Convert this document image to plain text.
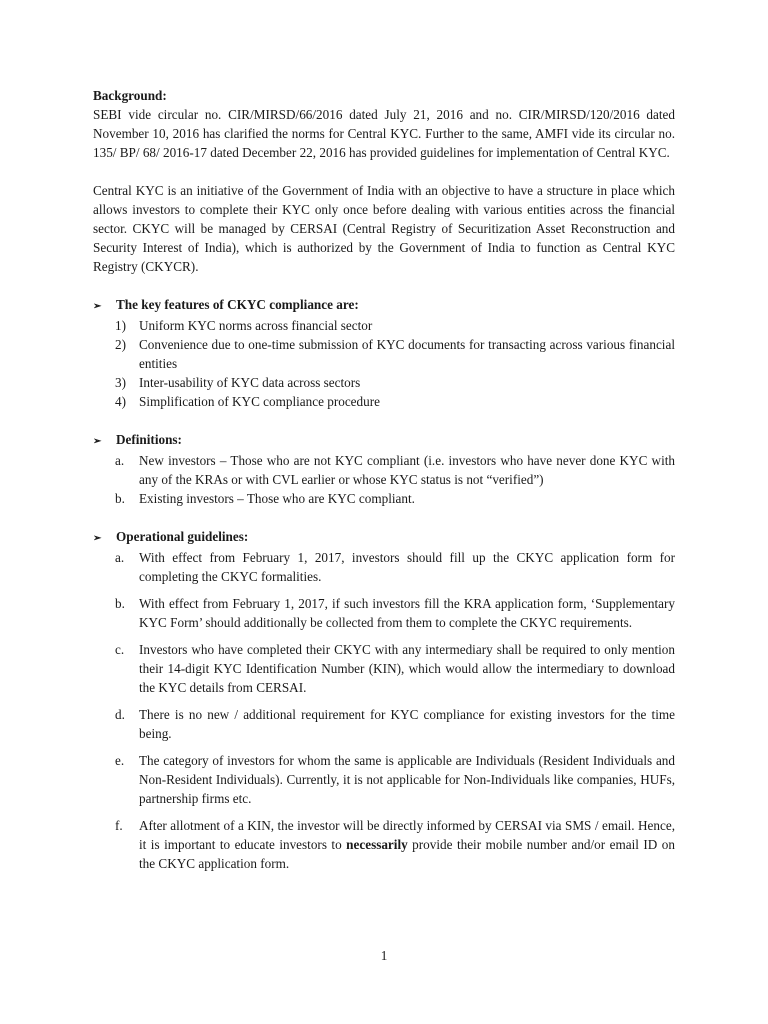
Background:

SEBI vide circular no. CIR/MIRSD/66/2016 dated July 21, 2016 and no. CIR/MIRSD/120/2016 dated November 10, 2016 has clarified the norms for Central KYC. Further to the same, AMFI vide its circular no. 135/ BP/ 68/ 2016-17 dated December 22, 2016 has provided guidelines for implementation of Central KYC.

Central KYC is an initiative of the Government of India with an objective to have a structure in place which allows investors to complete their KYC only once before dealing with various entities across the financial sector. CKYC will be managed by CERSAI (Central Registry of Securitization Asset Reconstruction and Security Interest of India), which is authorized by the Government of India to function as Central KYC Registry (CKYCR).

➢	The key features of CKYC compliance are:
1) Uniform KYC norms across financial sector
2) Convenience due to one-time submission of KYC documents for transacting across various financial entities
3) Inter-usability of KYC data across sectors
4) Simplification of KYC compliance procedure
➢	Definitions:
a.	New investors – Those who are not KYC compliant (i.e. investors who have never done KYC with any of the KRAs or with CVL earlier or whose KYC status is not “verified”)
b.	Existing investors – Those who are KYC compliant.
➢	Operational guidelines:
a.	With effect from February 1, 2017, investors should fill up the CKYC application form for completing the CKYC formalities.
b.	With effect from February 1, 2017, if such investors fill the KRA application form, ‘Supplementary KYC Form’ should additionally be collected from them to complete the CKYC requirements.
c.	Investors who have completed their CKYC with any intermediary shall be required to only mention their 14-digit KYC Identification Number (KIN), which would allow the intermediary to download the KYC details from CERSAI.
d.	There is no new / additional requirement for KYC compliance for existing investors for the time being.
e.	The category of investors for whom the same is applicable are Individuals (Resident Individuals and Non-Resident Individuals). Currently, it is not applicable for Non-Individuals like companies, HUFs, partnership firms etc.
f.	After allotment of a KIN, the investor will be directly informed by CERSAI via SMS / email. Hence, it is important to educate investors to necessarily provide their mobile number and/or email ID on the CKYC application form.
1
